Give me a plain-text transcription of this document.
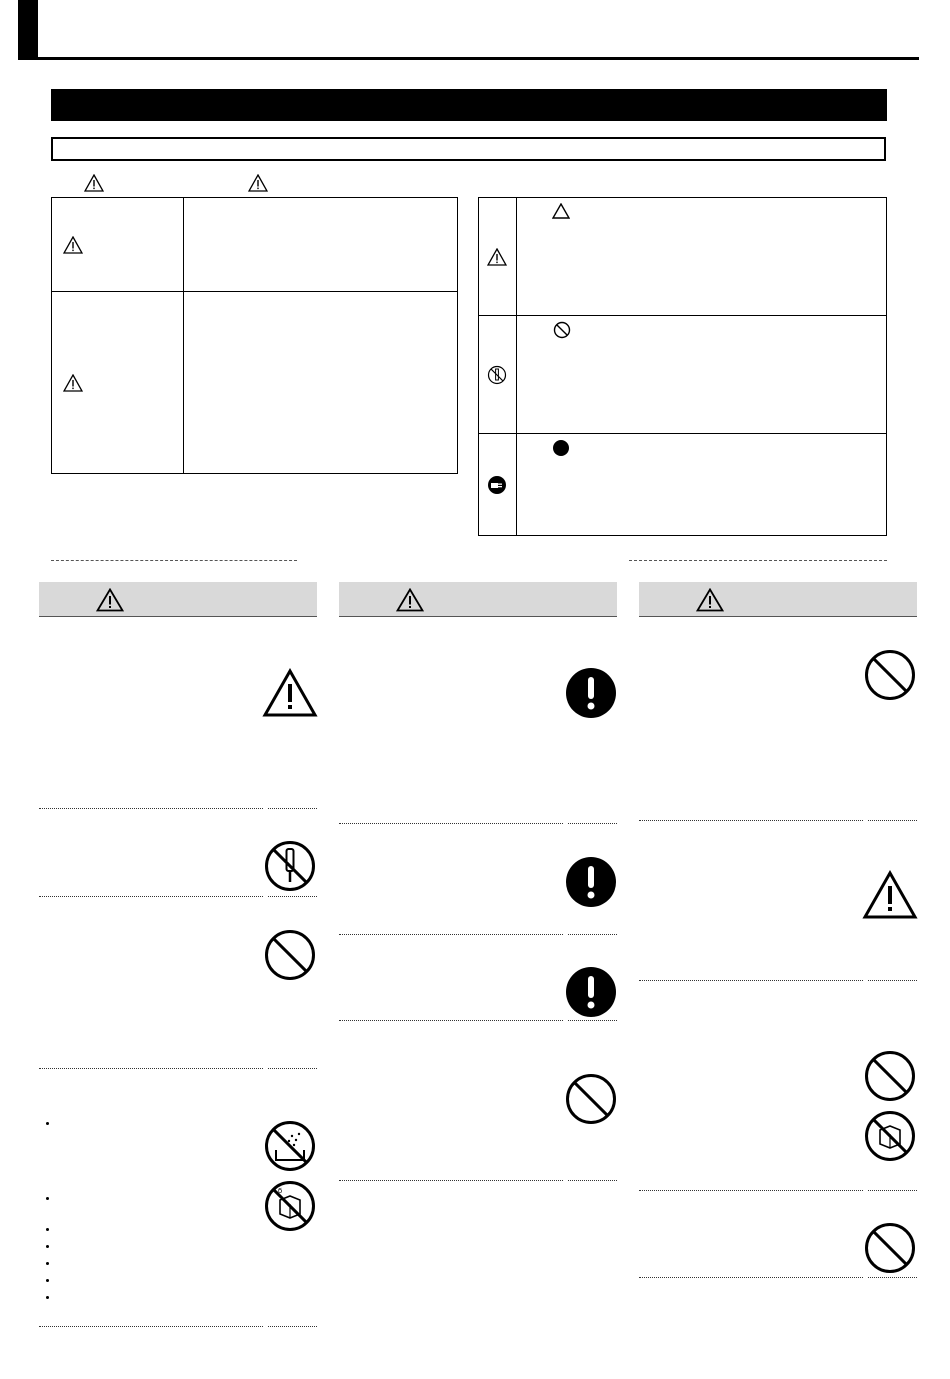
ϭ
